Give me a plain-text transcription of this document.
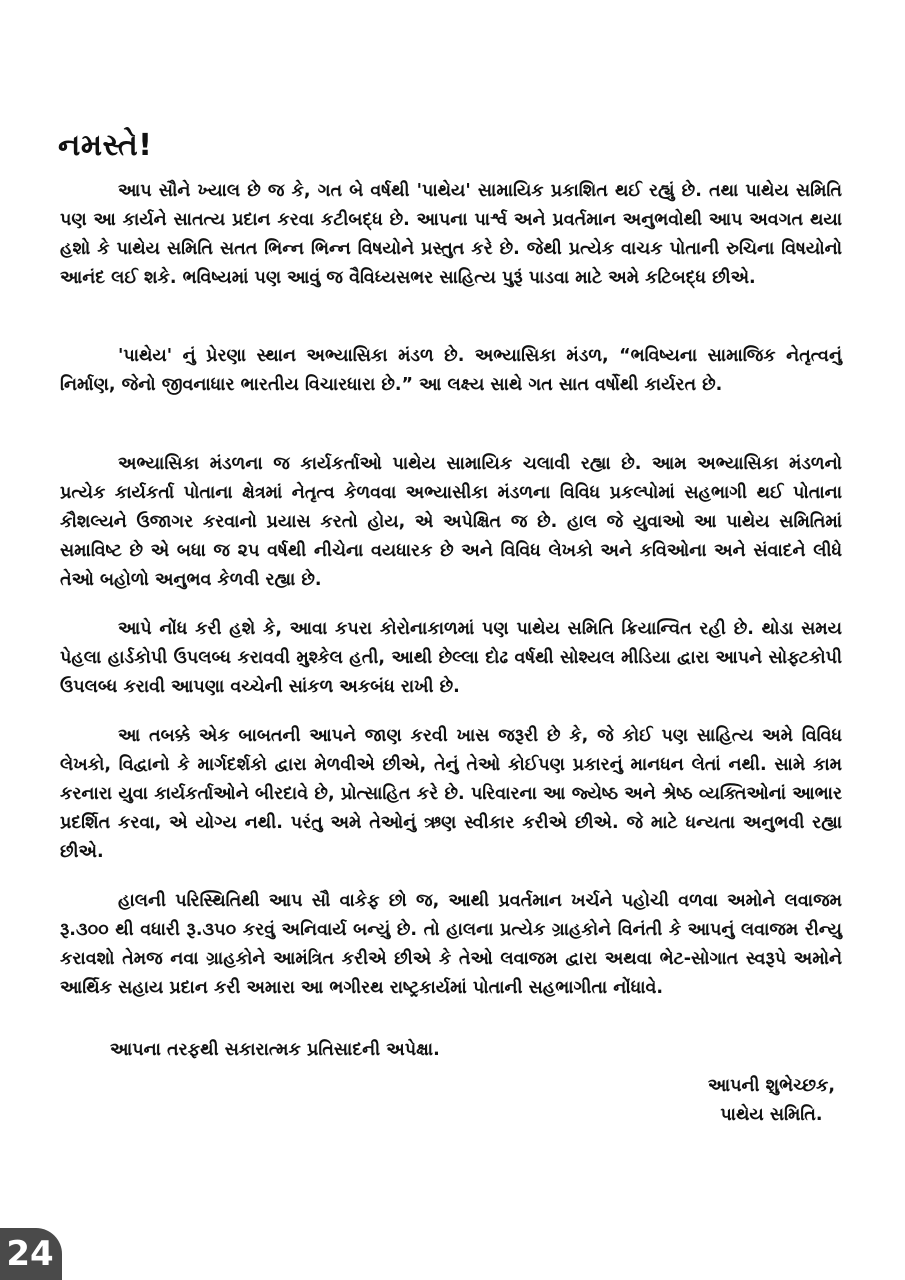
નમસ્તે!

આપ સૌને ખ્યાલ છે જ કે, ગત બે વર્ષથી 'પાથેય' સામાયિક પ્રકાશિત થઈ રહ્યું છે. તથા પાથેય સમિતિ પણ આ કાર્યને સાતત્ય પ્રદાન કરવા કટીબદ્ધ છે. આપના પાર્શ્વ અને પ્રવર્તમાન અનુભવોથી આપ અવગત થયા હશો કે પાથેય સમિતિ સતત ભિન્ન ભિન્ન વિષયોને પ્રસ્તુત કરે છે. જેથી પ્રત્યેક વાચક પોતાની રુચિના વિષયોનો આનંદ લઈ શકે. ભવિષ્યમાં પણ આવું જ વૈવિધ્યસભર સાહિત્ય પુરૂં પાડવા માટે અમે કટિબદ્ધ છીએ.

'પાથેય' નું પ્રેરણા સ્થાન અભ્યાસિકા મંડળ છે. અભ્યાસિકા મંડળ, “ભવિષ્યના સામાજિક નેતૃત્વનું નિર્માણ, જેનો જીવનાધાર ભારતીય વિચારધારા છે.” આ લક્ષ્ય સાથે ગત સાત વર્ષોથી કાર્યરત છે.

અભ્યાસિકા મંડળના જ કાર્યકર્તાઓ પાથેય સામાયિક ચલાવી રહ્યા છે. આમ અભ્યાસિકા મંડળનો પ્રત્યેક કાર્યકર્તા પોતાના ક્ષેત્રમાં નેતૃત્વ કેળવવા અભ્યાસીકા મંડળના વિવિધ પ્રકલ્પોમાં સહભાગી થઈ પોતાના કૌશલ્યને ઉજાગર કરવાનો પ્રયાસ કરતો હોય, એ અપેક્ષિત જ છે. હાલ જે યુવાઓ આ પાથેય સમિતિમાં સમાવિષ્ટ છે એ બધા જ ૨૫ વર્ષથી નીચેના વયધારક છે અને વિવિધ લેખકો અને કવિઓના અને સંવાદને લીધે તેઓ બહોળો અનુભવ કેળવી રહ્યા છે.

આપે નોંધ કરી હશે કે, આવા કપરા કોરોનાકાળમાં પણ પાથેય સમિતિ ક્રિયાન્વિત રહી છે. થોડા સમય પેહલા હાર્ડકોપી ઉપલબ્ધ કરાવવી મુશ્કેલ હતી, આથી છેલ્લા દોઢ વર્ષથી સોશ્યલ મીડિયા દ્વારા આપને સોફ્ટકોપી ઉપલબ્ધ કરાવી આપણા વચ્ચેની સાંકળ અકબંધ રાખી છે.

આ તબક્કે એક બાબતની આપને જાણ કરવી ખાસ જરૂરી છે કે, જે કોઈ પણ સાહિત્ય અમે વિવિધ લેખકો, વિદ્વાનો કે માર્ગદર્શકો દ્વારા મેળવીએ છીએ, તેનું તેઓ કોઈપણ પ્રકારનું માનધન લેતાં નથી. સામે કામ કરનારા યુવા કાર્યકર્તાઓને બીરદાવે છે, પ્રોત્સાહિત કરે છે. પરિવારના આ જ્યેષ્ઠ અને શ્રેષ્ઠ વ્યક્તિઓનાં આભાર પ્રદર્શિત કરવા, એ યોગ્ય નથી. પરંતુ અમે તેઓનું ઋણ સ્વીકાર કરીએ છીએ. જે માટે ધન્યતા અનુભવી રહ્યા છીએ.

હાલની પરિસ્થિતિથી આપ સૌ વાકેફ છો જ, આથી પ્રવર્તમાન ખર્ચને પહોચી વળવા અમોને લવાજમ રૂ.૩૦૦ થી વધારી રૂ.૩૫૦ કરવું અનિવાર્ય બન્યું છે. તો હાલના પ્રત્યેક ગ્રાહકોને વિનંતી કે આપનું લવાજમ રીન્યુ કરાવશો તેમજ નવા ગ્રાહકોને આમંત્રિત કરીએ છીએ કે તેઓ લવાજમ દ્વારા અથવા ભેટ-સોગાત સ્વરૂપે અમોને આર્થિક સહાય પ્રદાન કરી અમારા આ ભગીરથ રાષ્ટ્રકાર્યમાં પોતાની સહભાગીતા નોંધાવે.

આપના તરફથી સકારાત્મક પ્રતિસાદની અપેક્ષા.

આપની શુભેચ્છક,
પાથેય સમિતિ.
24
